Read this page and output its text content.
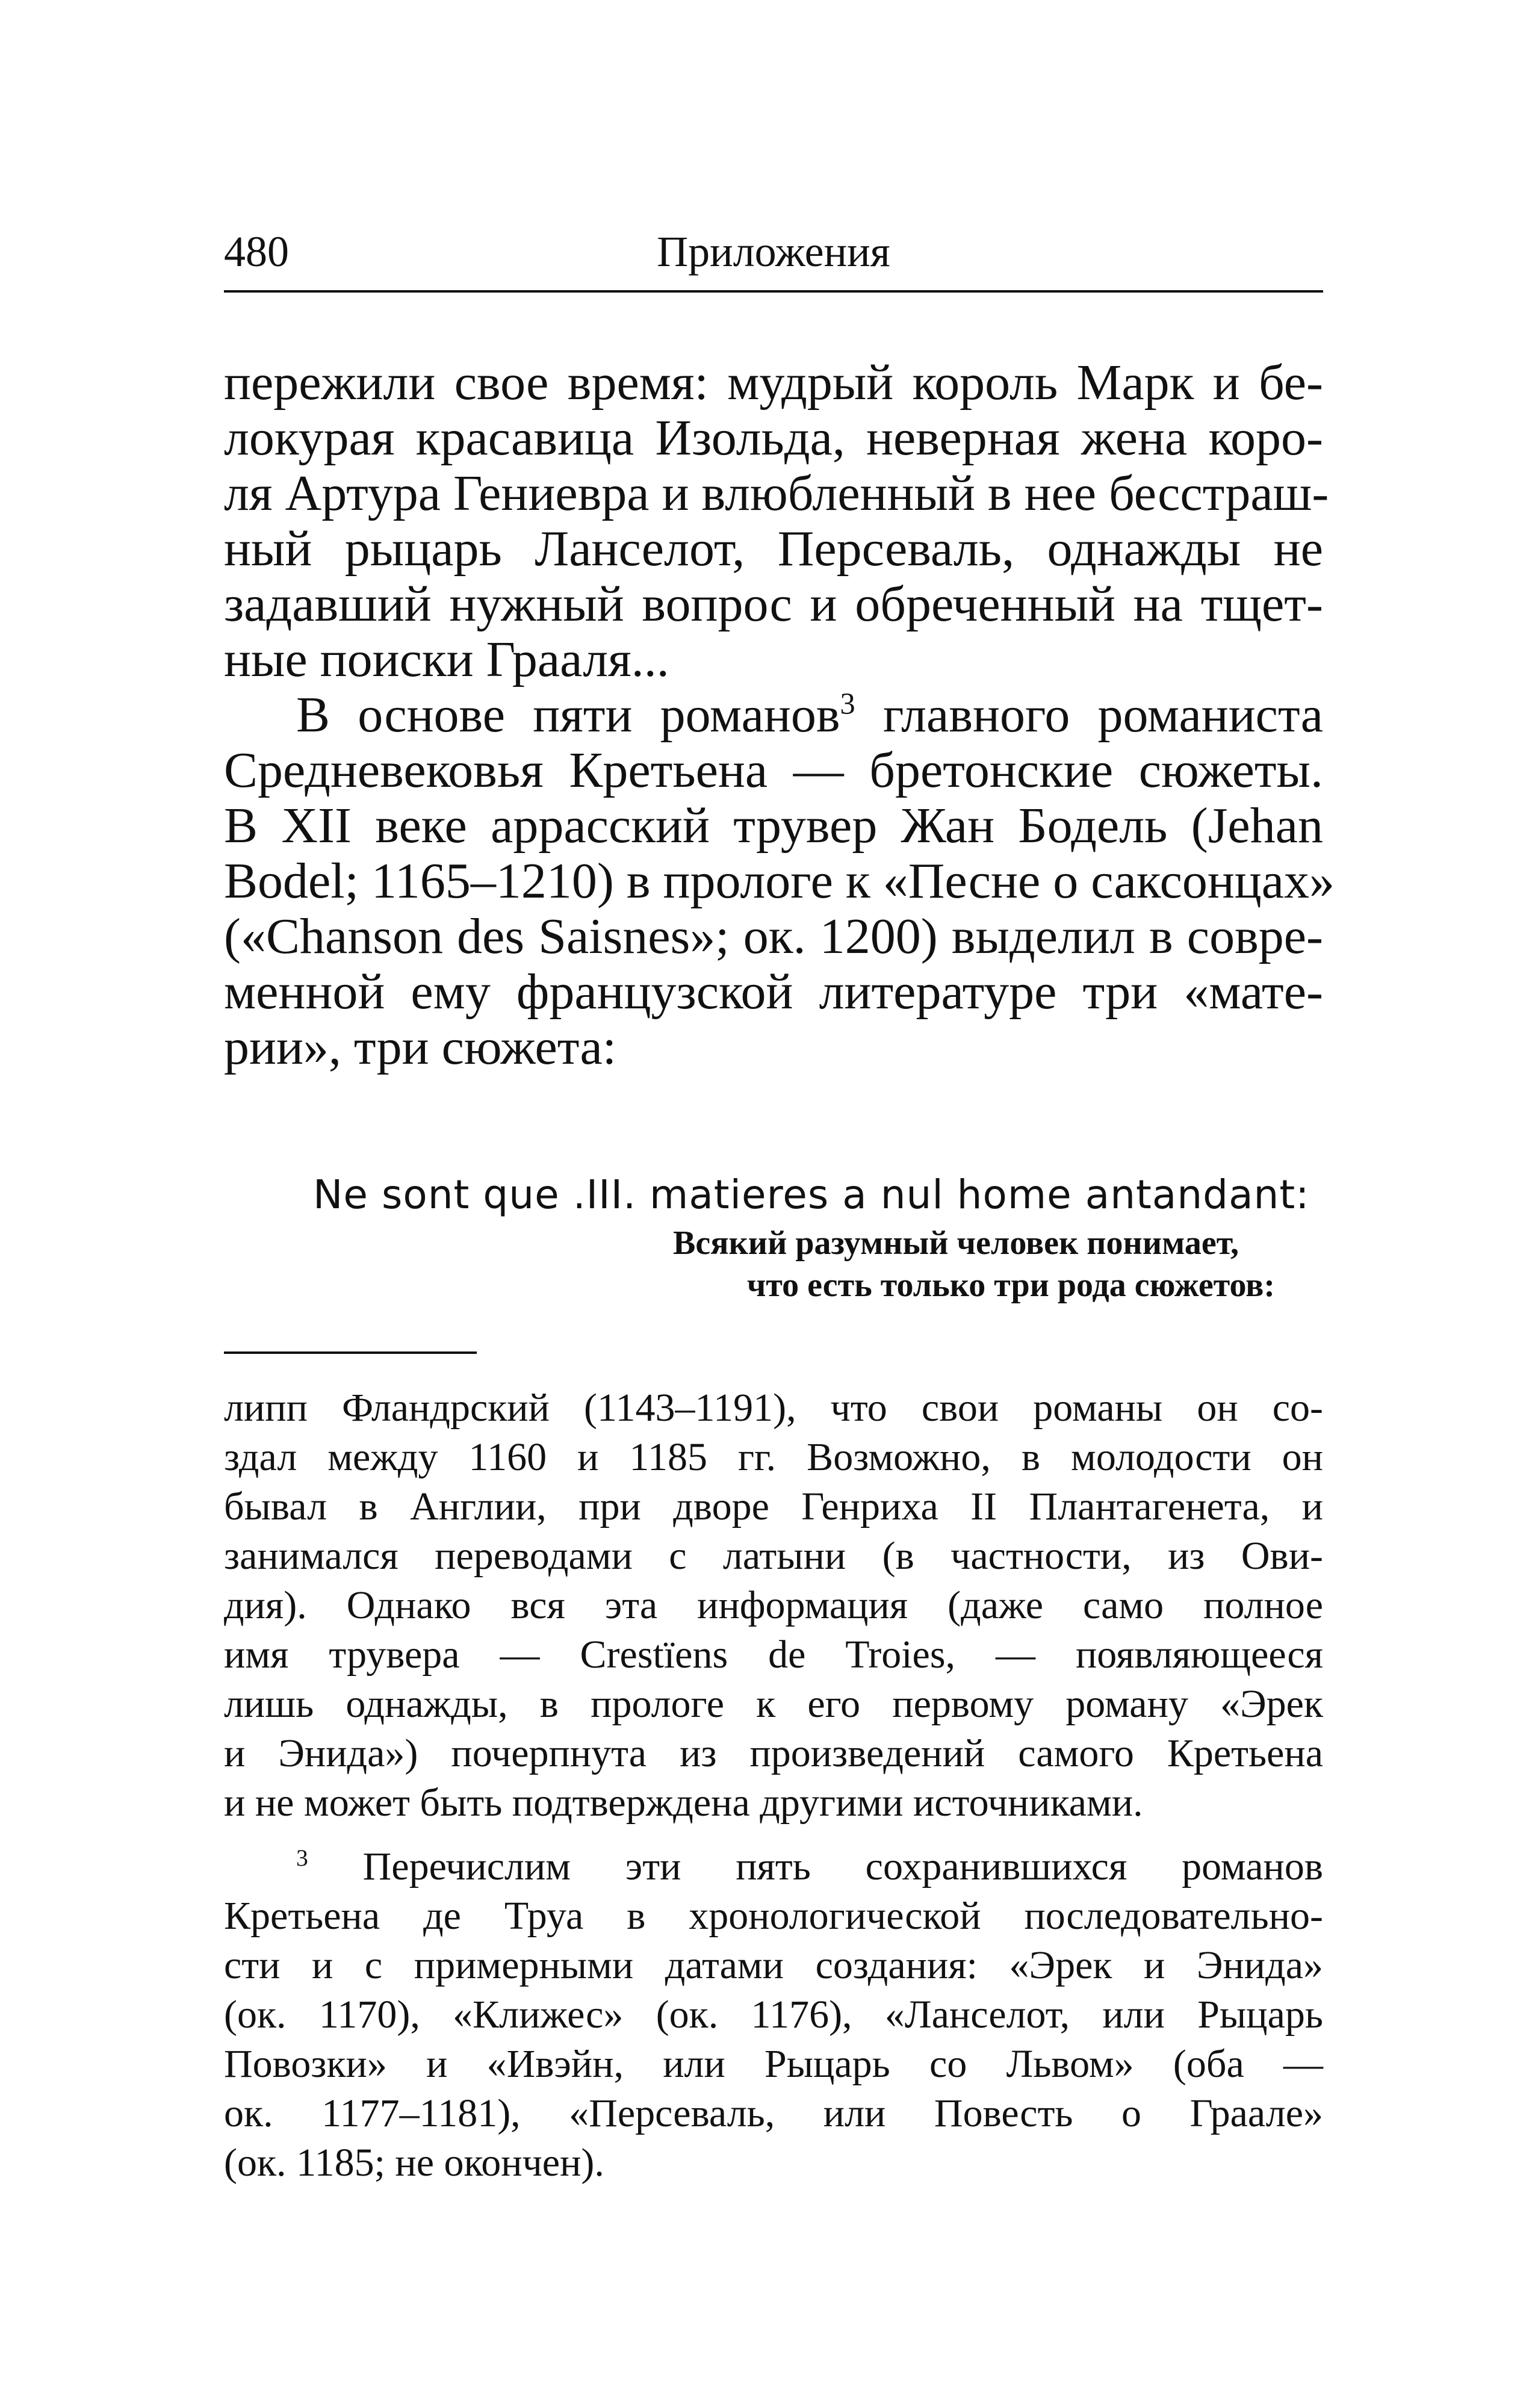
480	Приложения

пережили свое время: мудрый король Марк и бе-

локурая красавица Изольда, неверная жена коро-

ля Артура Гениевра и влюбленный в нее бесстраш-

ный рыцарь Ланселот, Персеваль, однажды не

задавший нужный вопрос и обреченный на тщет-

ные поиски Грааля...

В основе пяти романов$^3$ главного романиста

Средневековья Кретьена — бретонские сюжеты.

В XII веке аррасский трувер Жан Бодель (Jehan

Bodel; 1165–1210) в прологе к «Песне о саксонцах»

(«Chanson des Saisnes»; ок. 1200) выделил в совре-

менной ему французской литературе три «мате-

рии», три сюжета:

Ne sont que .III. matieres a nul home antandant:

Всякий разумный человек понимает,

что есть только три рода сюжетов:

липп Фландрский (1143–1191), что свои романы он со-

здал между 1160 и 1185 гг. Возможно, в молодости он

бывал в Англии, при дворе Генриха II Плантагенета, и

занимался переводами с латыни (в частности, из Ови-

дия). Однако вся эта информация (даже само полное

имя трувера — Crestïens de Troies, — появляющееся

лишь однажды, в прологе к его первому роману «Эрек

и Энида») почерпнута из произведений самого Кретьена

и не может быть подтверждена другими источниками.

$^3$ Перечислим эти пять сохранившихся романов

Кретьена де Труа в хронологической последовательно-

сти и с примерными датами создания: «Эрек и Энида»

(ок. 1170), «Клижес» (ок. 1176), «Ланселот, или Рыцарь

Повозки» и «Ивэйн, или Рыцарь со Львом» (оба —

ок. 1177–1181), «Персеваль, или Повесть о Граале»

(ок. 1185; не окончен).
